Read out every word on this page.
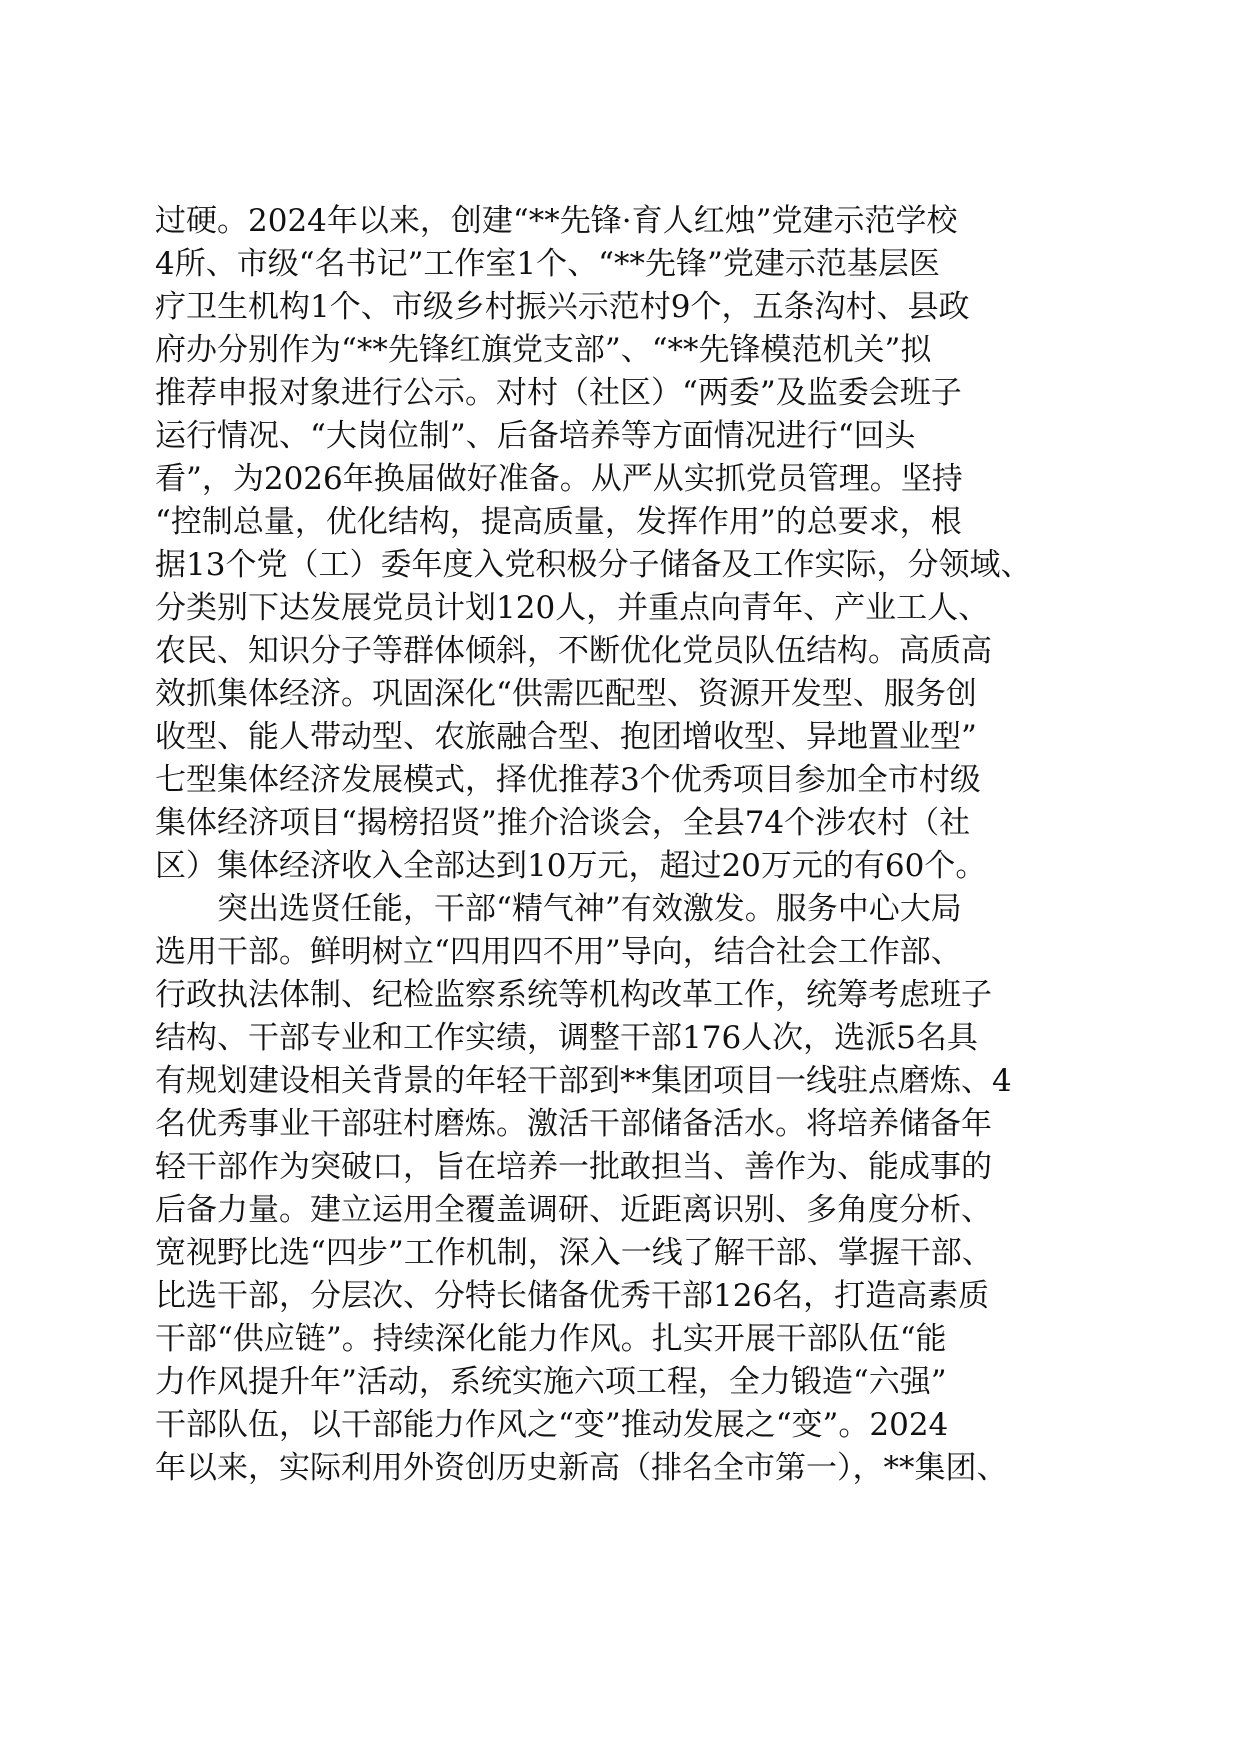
过硬。2024年以来，创建“**先锋·育人红烛”党建示范学校
4所、市级“名书记”工作室1个、“**先锋”党建示范基层医
疗卫生机构1个、市级乡村振兴示范村9个，五条沟村、县政
府办分别作为“**先锋红旗党支部”、“**先锋模范机关”拟
推荐申报对象进行公示。对村（社区）“两委”及监委会班子
运行情况、“大岗位制”、后备培养等方面情况进行“回头
看”，为2026年换届做好准备。从严从实抓党员管理。坚持
“控制总量，优化结构，提高质量，发挥作用”的总要求，根
据13个党（工）委年度入党积极分子储备及工作实际，分领域、
分类别下达发展党员计划120人，并重点向青年、产业工人、
农民、知识分子等群体倾斜，不断优化党员队伍结构。高质高
效抓集体经济。巩固深化“供需匹配型、资源开发型、服务创
收型、能人带动型、农旅融合型、抱团增收型、异地置业型”
七型集体经济发展模式，择优推荐3个优秀项目参加全市村级
集体经济项目“揭榜招贤”推介洽谈会，全县74个涉农村（社
区）集体经济收入全部达到10万元，超过20万元的有60个。
突出选贤任能，干部“精气神”有效激发。服务中心大局
选用干部。鲜明树立“四用四不用”导向，结合社会工作部、
行政执法体制、纪检监察系统等机构改革工作，统筹考虑班子
结构、干部专业和工作实绩，调整干部176人次，选派5名具
有规划建设相关背景的年轻干部到**集团项目一线驻点磨炼、4
名优秀事业干部驻村磨炼。激活干部储备活水。将培养储备年
轻干部作为突破口，旨在培养一批敢担当、善作为、能成事的
后备力量。建立运用全覆盖调研、近距离识别、多角度分析、
宽视野比选“四步”工作机制，深入一线了解干部、掌握干部、
比选干部，分层次、分特长储备优秀干部126名，打造高素质
干部“供应链”。持续深化能力作风。扎实开展干部队伍“能
力作风提升年”活动，系统实施六项工程，全力锻造“六强”
干部队伍，以干部能力作风之“变”推动发展之“变”。2024
年以来，实际利用外资创历史新高（排名全市第一），**集团、
